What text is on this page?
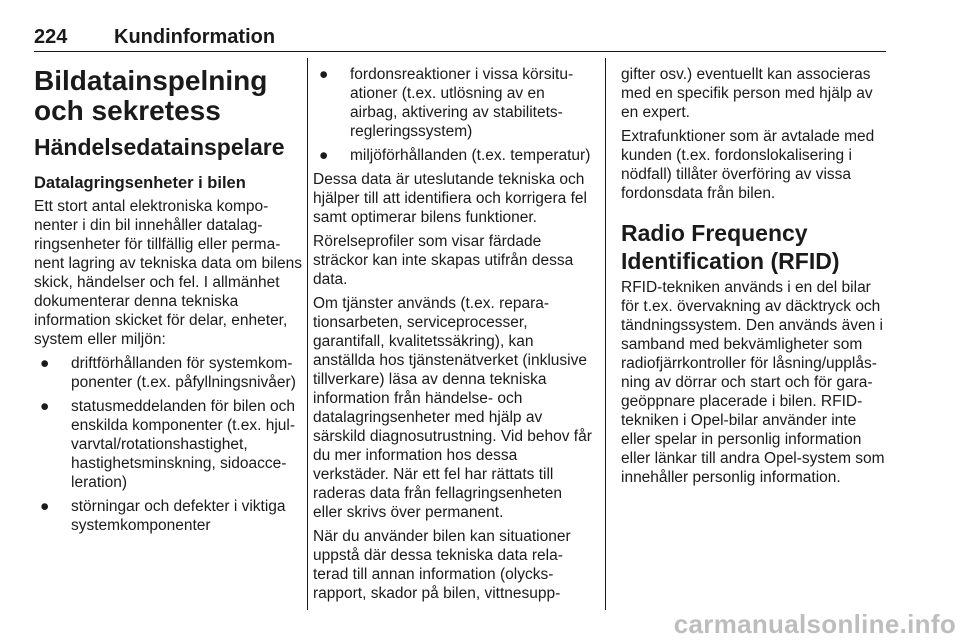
224 Kundinformation
Bildatainspelning och sekretess
Händelsedatainspelare
Datalagringsenheter i bilen

Ett stort antal elektroniska komponenter i din bil innehåller datalagringsenheter för tillfällig eller permanent lagring av tekniska data om bilens skick, händelser och fel. I allmänhet dokumenterar denna tekniska information skicket för delar, enheter, system eller miljön:

● driftförhållanden för systemkomponenter (t.ex. påfyllningsnivåer)
● statusmeddelanden för bilen och enskilda komponenter (t.ex. hjulvarvtal/rotationshastighet, hastighetsminskning, sidoacceleration)
● störningar och defekter i viktiga systemkomponenter
● fordonsreaktioner i vissa körsituationer (t.ex. utlösning av en airbag, aktivering av stabilitetsregleringssystem)
● miljöförhållanden (t.ex. temperatur)

Dessa data är uteslutande tekniska och hjälper till att identifiera och korrigera fel samt optimerar bilens funktioner.

Rörelseprofiler som visar färdade sträckor kan inte skapas utifrån dessa data.

Om tjänster används (t.ex. reparationsarbeten, serviceprocesser, garantifall, kvalitetssäkring), kan anställda hos tjänstenätverket (inklusive tillverkare) läsa av denna tekniska information från händelse- och datalagringsenheter med hjälp av särskild diagnosutrustning. Vid behov får du mer information hos dessa verkstäder. När ett fel har rättats till raderas data från fellagringsenheten eller skrivs över permanent.

När du använder bilen kan situationer uppstå där dessa tekniska data relaterad till annan information (olycksrapport, skador på bilen, vittnesupp-

gifter osv.) eventuellt kan associeras med en specifik person med hjälp av en expert.

Extrafunktioner som är avtalade med kunden (t.ex. fordonslokalisering i nödfall) tillåter överföring av vissa fordonsdata från bilen.

Radio Frequency Identification (RFID)

RFID-tekniken används i en del bilar för t.ex. övervakning av däcktryck och tändningssystem. Den används även i samband med bekvämligheter som radiofjärrkontroller för låsning/upplåsning av dörrar och start och för garageöppnare placerade i bilen. RFID-tekniken i Opel-bilar använder inte eller spelar in personlig information eller länkar till andra Opel-system som innehåller personlig information.

carmanualsonline.info
